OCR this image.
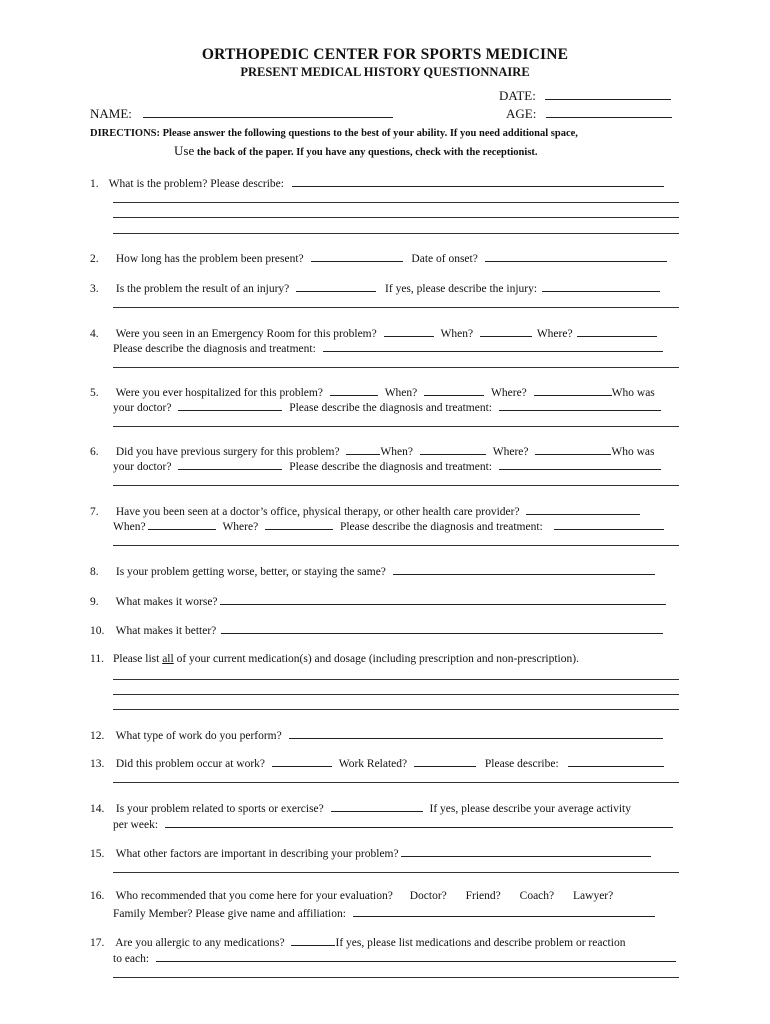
ORTHOPEDIC CENTER FOR SPORTS MEDICINE
PRESENT MEDICAL HISTORY QUESTIONNAIRE
DATE:
NAME:	AGE:
DIRECTIONS: Please answer the following questions to the best of your ability. If you need additional space,
Use the back of the paper. If you have any questions, check with the receptionist.
1. What is the problem? Please describe:
2. How long has the problem been present?	Date of onset?
3. Is the problem the result of an injury?	If yes, please describe the injury:
4. Were you seen in an Emergency Room for this problem?	When?	Where?
Please describe the diagnosis and treatment:
5. Were you ever hospitalized for this problem?	When?	Where?	Who was
your doctor?	Please describe the diagnosis and treatment:
6. Did you have previous surgery for this problem?	When?	Where?	Who was
your doctor?	Please describe the diagnosis and treatment:
7. Have you been seen at a doctor’s office, physical therapy, or other health care provider?
When?	Where?	Please describe the diagnosis and treatment:
8. Is your problem getting worse, better, or staying the same?
9. What makes it worse?
10. What makes it better?
11. Please list all of your current medication(s) and dosage (including prescription and non-prescription).
12. What type of work do you perform?
13. Did this problem occur at work?	Work Related?	Please describe:
14. Is your problem related to sports or exercise?	If yes, please describe your average activity
per week:
15. What other factors are important in describing your problem?
16. Who recommended that you come here for your evaluation? Doctor? Friend? Coach? Lawyer?
Family Member? Please give name and affiliation:
17. Are you allergic to any medications?	If yes, please list medications and describe problem or reaction
to each:
